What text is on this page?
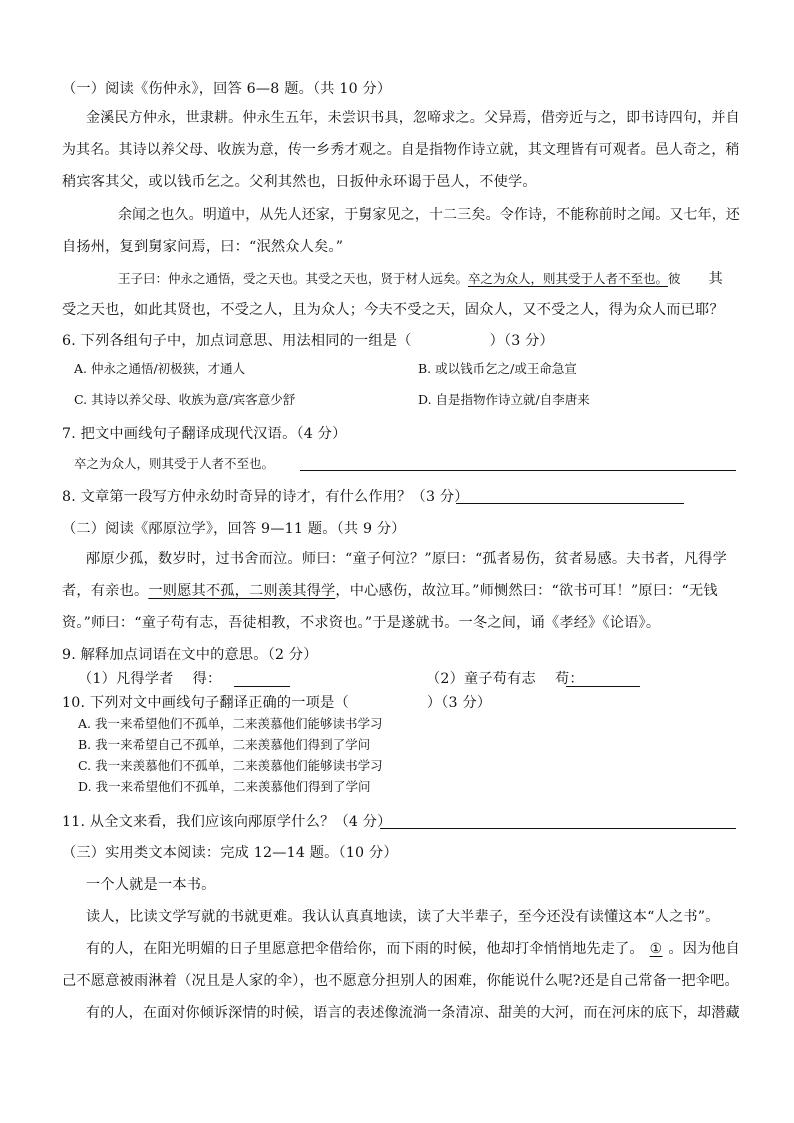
（一）阅读《伤仲永》，回答 6—8 题。（共 10 分）
金溪民方仲永，世隶耕。仲永生五年，未尝识书具，忽啼求之。父异焉，借旁近与之，即书诗四句，并自
为其名。其诗以养父母、收族为意，传一乡秀才观之。自是指物作诗立就，其文理皆有可观者。邑人奇之，稍
稍宾客其父，或以钱币乞之。父利其然也，日扳仲永环谒于邑人，不使学。
余闻之也久。明道中，从先人还家，于舅家见之，十二三矣。令作诗，不能称前时之闻。又七年，还
自扬州，复到舅家问焉，曰：“泯然众人矣。”
王子曰：仲永之通悟，受之天也。其受之天也，贤于材人远矣。卒之为众人，则其受于人者不至也。彼 其
受之天也，如此其贤也，不受之人，且为众人；今夫不受之天，固众人，又不受之人，得为众人而已耶？
6. 下列各组句子中，加点词意思、用法相同的一组是（	）（3 分）
A. 仲永之通悟/初极狭，才通人	B. 或以钱币乞之/或王命急宣
C. 其诗以养父母、收族为意/宾客意少舒	D. 自是指物作诗立就/自李唐来
7. 把文中画线句子翻译成现代汉语。（4 分）
卒之为众人，则其受于人者不至也。
8. 文章第一段写方仲永幼时奇异的诗才，有什么作用？（3 分）
（二）阅读《邴原泣学》，回答 9—11 题。（共 9 分）
邴原少孤，数岁时，过书舍而泣。师曰：“童子何泣？”原曰：“孤者易伤，贫者易感。夫书者，凡得学
者，有亲也。一则愿其不孤，二则羡其得学，中心感伤，故泣耳。”师恻然曰：“欲书可耳！”原曰：“无钱
资。”师曰：“童子苟有志，吾徒相教，不求资也。”于是遂就书。一冬之间，诵《孝经》《论语》。
9. 解释加点词语在文中的意思。（2 分）
（1）凡得学者　 得：	（2）童子苟有志　 苟：
10. 下列对文中画线句子翻译正确的一项是（	）（3 分）
A. 我一来希望他们不孤单，二来羡慕他们能够读书学习
B. 我一来希望自己不孤单，二来羡慕他们得到了学问
C. 我一来羡慕他们不孤单，二来羡慕他们能够读书学习
D. 我一来希望他们不孤单，二来羡慕他们得到了学问
11. 从全文来看，我们应该向邴原学什么？（4 分）
（三）实用类文本阅读：完成 12—14 题。（10 分）
一个人就是一本书。
读人，比读文学写就的书就更难。我认认真真地读，读了大半辈子，至今还没有读懂这本“人之书”。
有的人，在阳光明媚的日子里愿意把伞借给你，而下雨的时候，他却打伞悄悄地先走了。 ① 。因为他自
己不愿意被雨淋着（况且是人家的伞），也不愿意分担别人的困难，你能说什么呢?还是自己常备一把伞吧。
有的人，在面对你倾诉深情的时候，语言的表述像流淌一条清凉、甜美的大河，而在河床的底下，却潜藏
